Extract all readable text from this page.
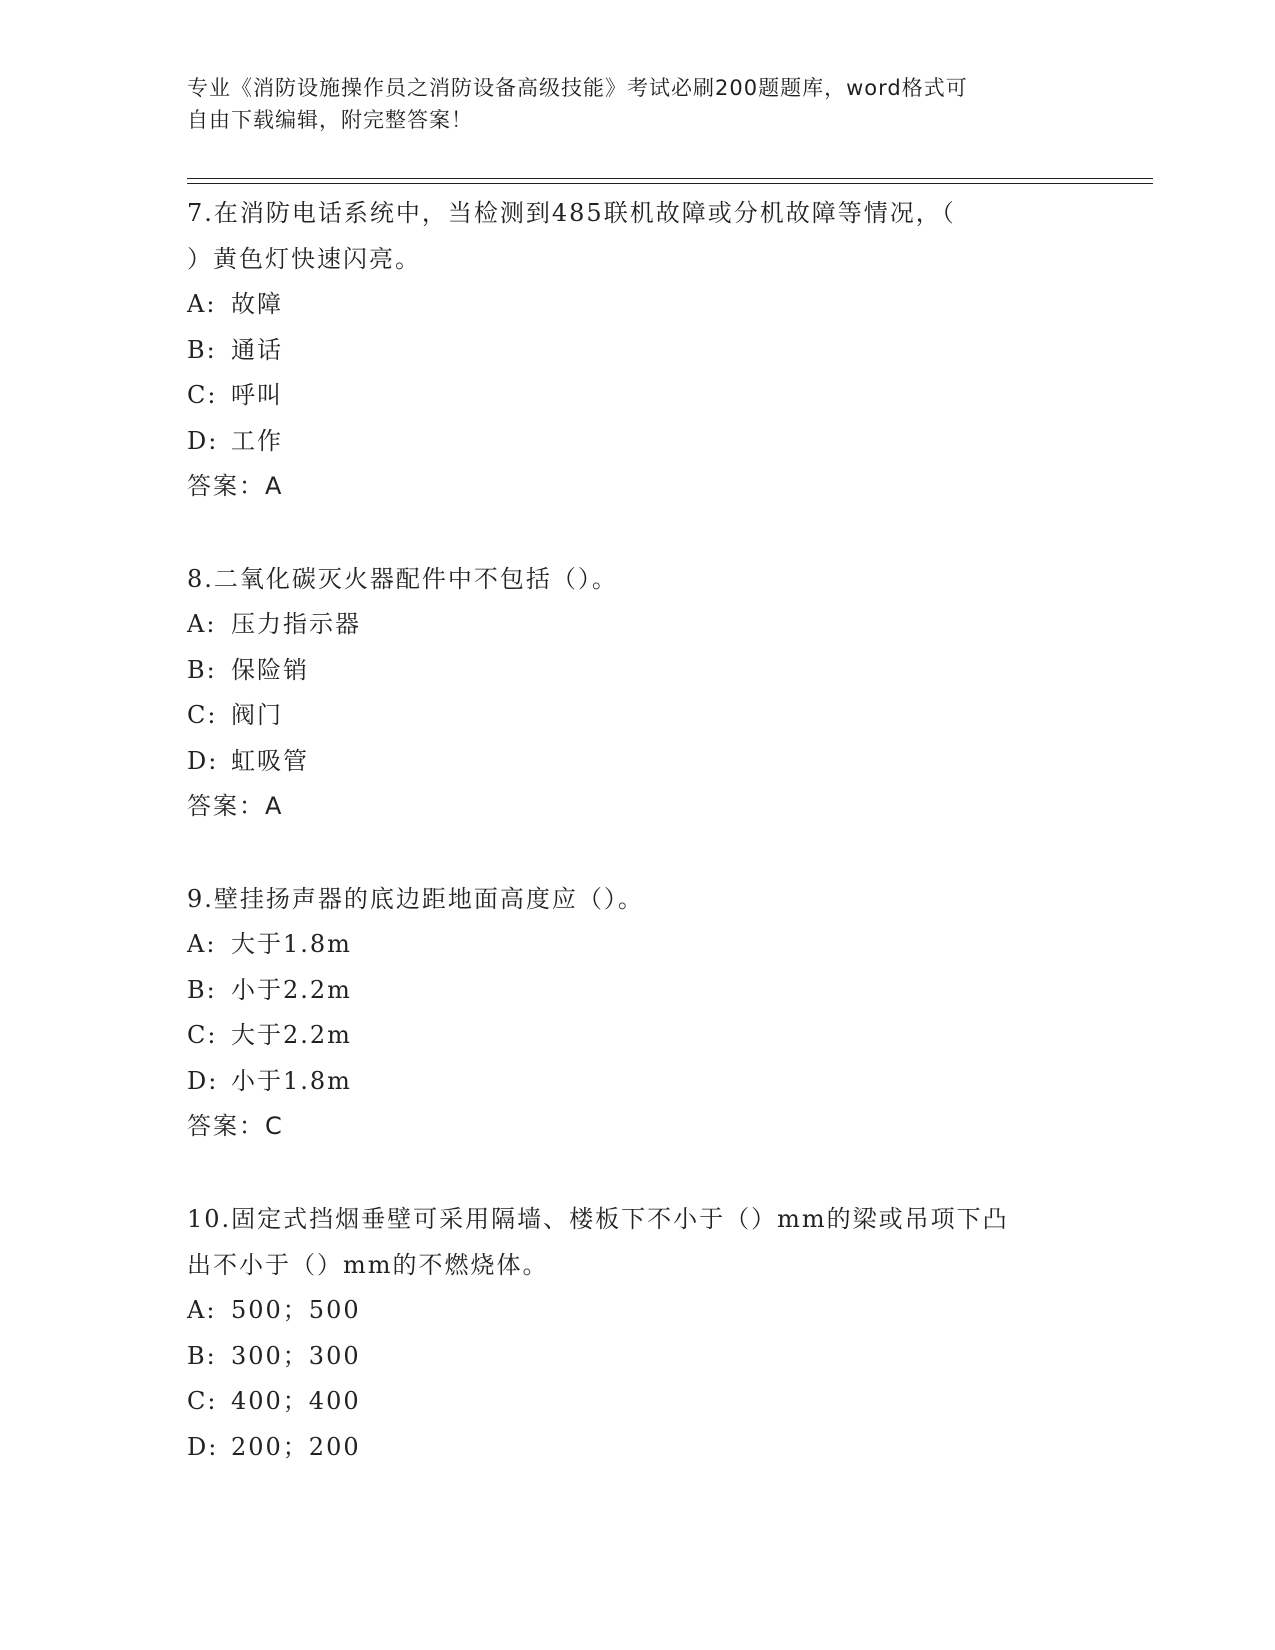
专业《消防设施操作员之消防设备高级技能》考试必刷200题题库，word格式可
自由下载编辑，附完整答案！

7.在消防电话系统中，当检测到485联机故障或分机故障等情况，（

）黄色灯快速闪亮。

A: 故障

B: 通话

C: 呼叫

D: 工作

答案：A

8.二氧化碳灭火器配件中不包括（）。

A: 压力指示器

B: 保险销

C: 阀门

D: 虹吸管

答案：A

9.壁挂扬声器的底边距地面高度应（）。

A: 大于1.8m

B: 小于2.2m

C: 大于2.2m

D: 小于1.8m

答案：C

10.固定式挡烟垂壁可采用隔墙、楼板下不小于（）mm的梁或吊项下凸

出不小于（）mm的不燃烧体。

A: 500；500

B: 300；300

C: 400；400

D: 200；200
